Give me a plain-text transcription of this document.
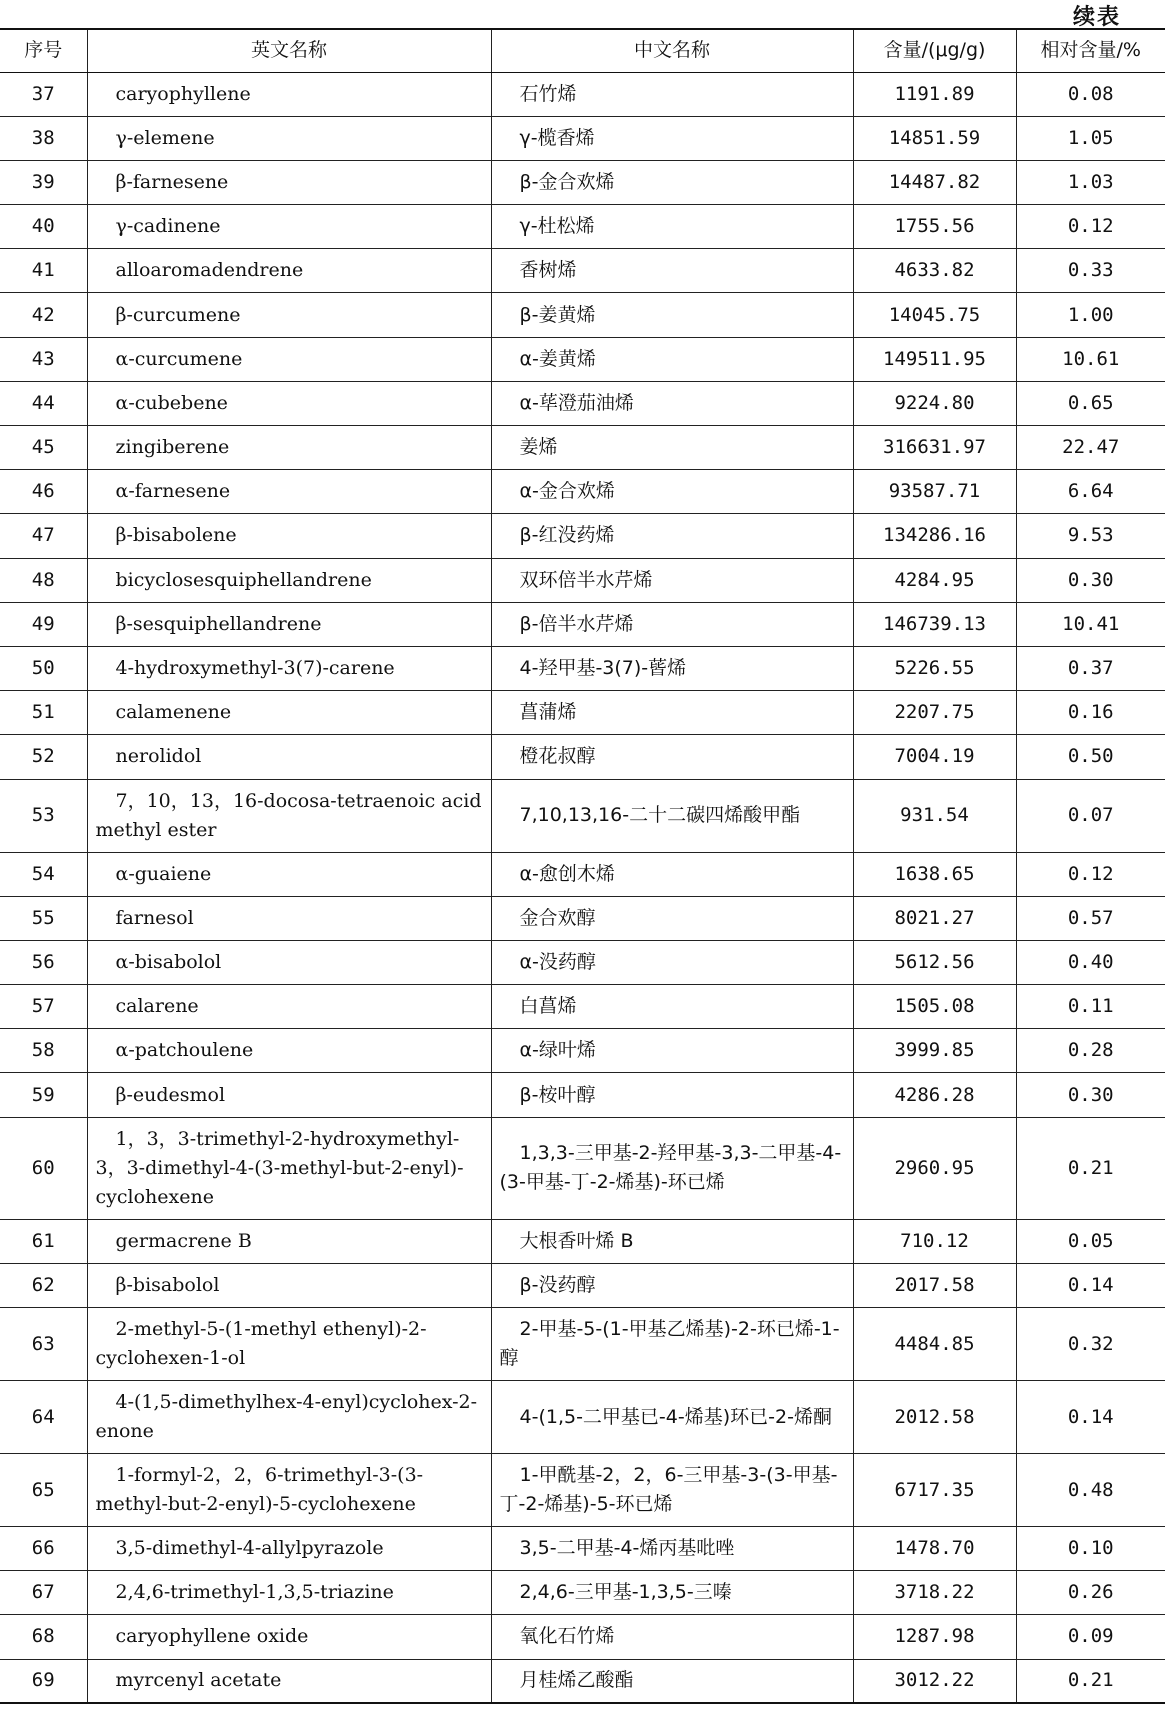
续表
序号	英文名称	中文名称	含量/(μg/g)	相对含量/%
37	caryophyllene	石竹烯	1191.89	0.08
38	γ-elemene	γ-榄香烯	14851.59	1.05
39	β-farnesene	β-金合欢烯	14487.82	1.03
40	γ-cadinene	γ-杜松烯	1755.56	0.12
41	alloaromadendrene	香树烯	4633.82	0.33
42	β-curcumene	β-姜黄烯	14045.75	1.00
43	α-curcumene	α-姜黄烯	149511.95	10.61
44	α-cubebene	α-荜澄茄油烯	9224.80	0.65
45	zingiberene	姜烯	316631.97	22.47
46	α-farnesene	α-金合欢烯	93587.71	6.64
47	β-bisabolene	β-红没药烯	134286.16	9.53
48	bicyclosesquiphellandrene	双环倍半水芹烯	4284.95	0.30
49	β-sesquiphellandrene	β-倍半水芹烯	146739.13	10.41
50	4-hydroxymethyl-3(7)-carene	4-羟甲基-3(7)-蒈烯	5226.55	0.37
51	calamenene	菖蒲烯	2207.75	0.16
52	nerolidol	橙花叔醇	7004.19	0.50
53	7，10，13，16-docosa-tetraenoic acid methyl ester	7,10,13,16-二十二碳四烯酸甲酯	931.54	0.07
54	α-guaiene	α-愈创木烯	1638.65	0.12
55	farnesol	金合欢醇	8021.27	0.57
56	α-bisabolol	α-没药醇	5612.56	0.40
57	calarene	白菖烯	1505.08	0.11
58	α-patchoulene	α-绿叶烯	3999.85	0.28
59	β-eudesmol	β-桉叶醇	4286.28	0.30
60	1，3，3-trimethyl-2-hydroxymethyl-3，3-dimethyl-4-(3-methyl-but-2-enyl)-cyclohexene	1,3,3-三甲基-2-羟甲基-3,3-二甲基-4-(3-甲基-丁-2-烯基)-环已烯	2960.95	0.21
61	germacrene B	大根香叶烯 B	710.12	0.05
62	β-bisabolol	β-没药醇	2017.58	0.14
63	2-methyl-5-(1-methyl ethenyl)-2-cyclohexen-1-ol	2-甲基-5-(1-甲基乙烯基)-2-环已烯-1-醇	4484.85	0.32
64	4-(1,5-dimethylhex-4-enyl)cyclohex-2-enone	4-(1,5-二甲基已-4-烯基)环已-2-烯酮	2012.58	0.14
65	1-formyl-2，2，6-trimethyl-3-(3-methyl-but-2-enyl)-5-cyclohexene	1-甲酰基-2，2，6-三甲基-3-(3-甲基-丁-2-烯基)-5-环已烯	6717.35	0.48
66	3,5-dimethyl-4-allylpyrazole	3,5-二甲基-4-烯丙基吡唑	1478.70	0.10
67	2,4,6-trimethyl-1,3,5-triazine	2,4,6-三甲基-1,3,5-三嗪	3718.22	0.26
68	caryophyllene oxide	氧化石竹烯	1287.98	0.09
69	myrcenyl acetate	月桂烯乙酸酯	3012.22	0.21
